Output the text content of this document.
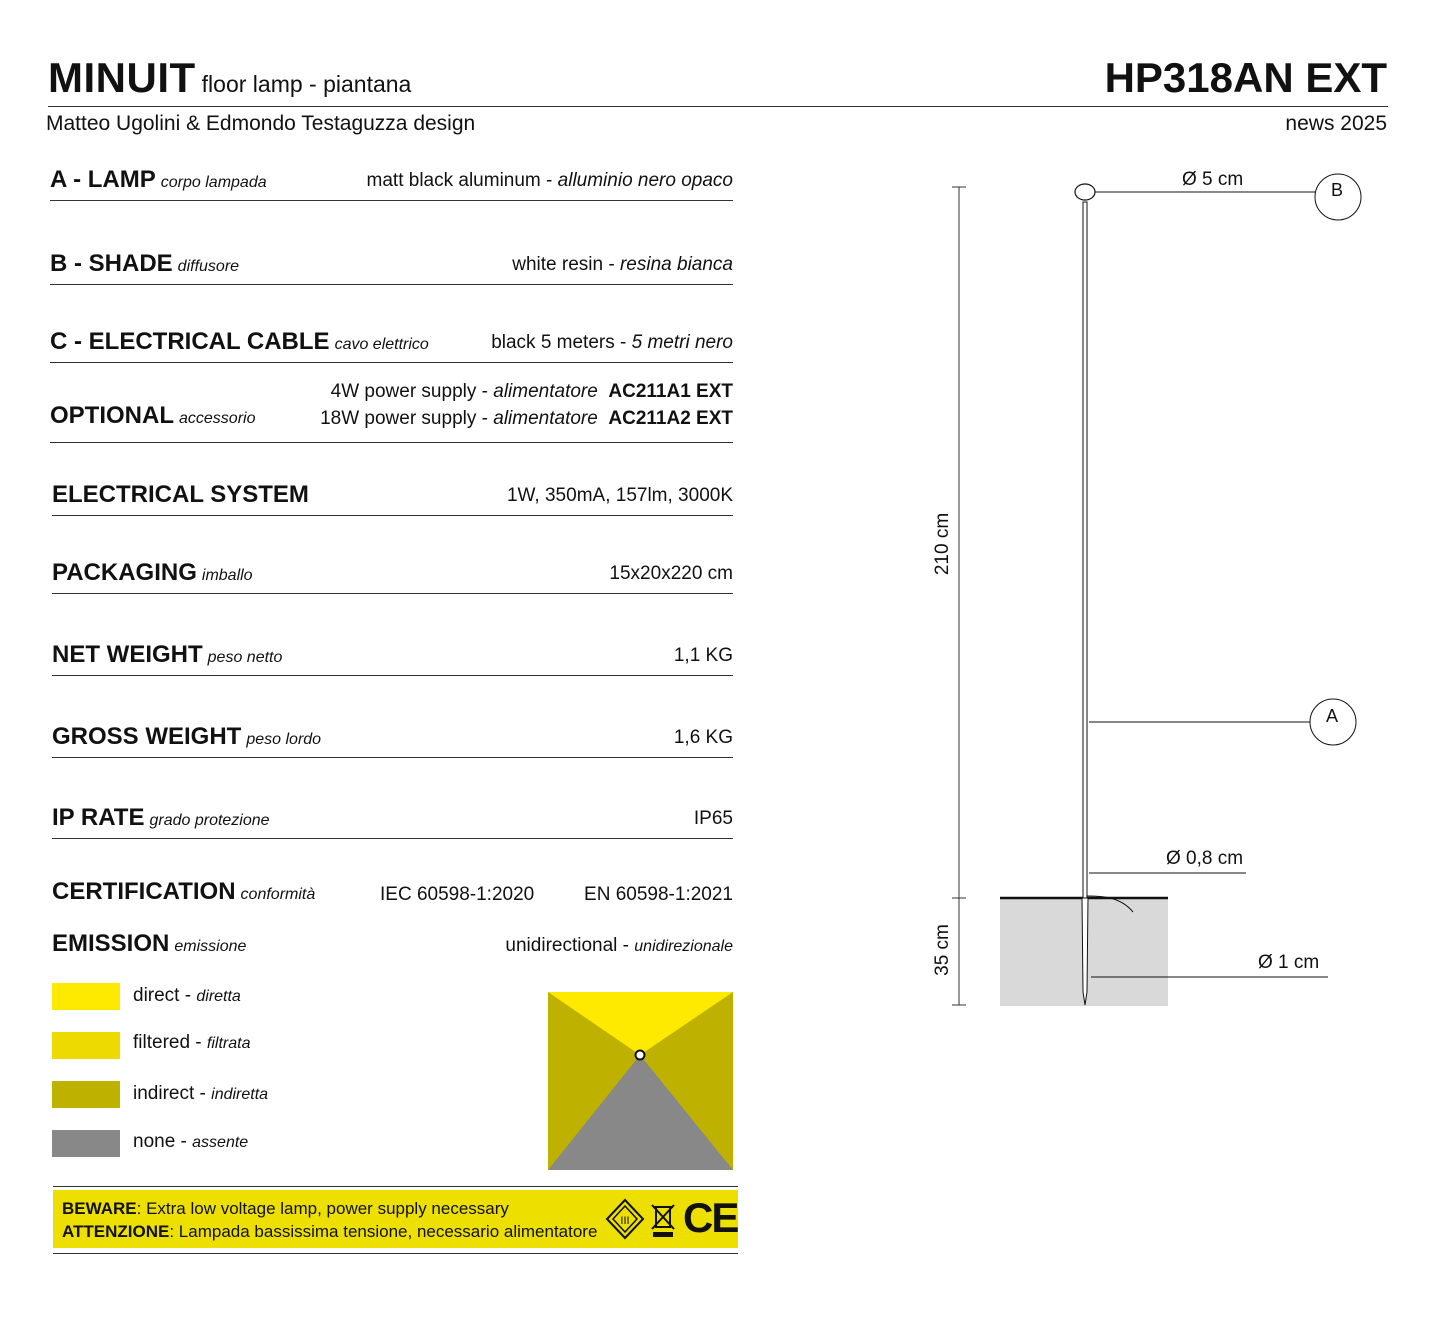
MINUIT floor lamp - piantana	HP318AN EXT
Matteo Ugolini & Edmondo Testaguzza design	news 2025
A - LAMP corpo lampada	matt black aluminum - alluminio nero opaco
B - SHADE diffusore	white resin - resina bianca
C - ELECTRICAL CABLE cavo elettrico	black 5 meters - 5 metri nero
OPTIONAL accessorio
4W power supply - alimentatore AC211A1 EXT
18W power supply - alimentatore AC211A2 EXT
ELECTRICAL SYSTEM	1W, 350mA, 157lm, 3000K
PACKAGING imballo	15x20x220 cm
NET WEIGHT peso netto	1,1 KG
GROSS WEIGHT peso lordo	1,6 KG
IP RATE grado protezione	IP65
CERTIFICATION conformità	IEC 60598-1:2020	EN 60598-1:2021
EMISSION emissione	unidirectional - unidirezionale
direct - diretta
filtered - filtrata
indirect - indiretta
none - assente
BEWARE: Extra low voltage lamp, power supply necessary
ATTENZIONE: Lampada bassissima tensione, necessario alimentatore
III CE
Ø 5 cm	B
A
Ø 0,8 cm
Ø 1 cm
210 cm
35 cm
